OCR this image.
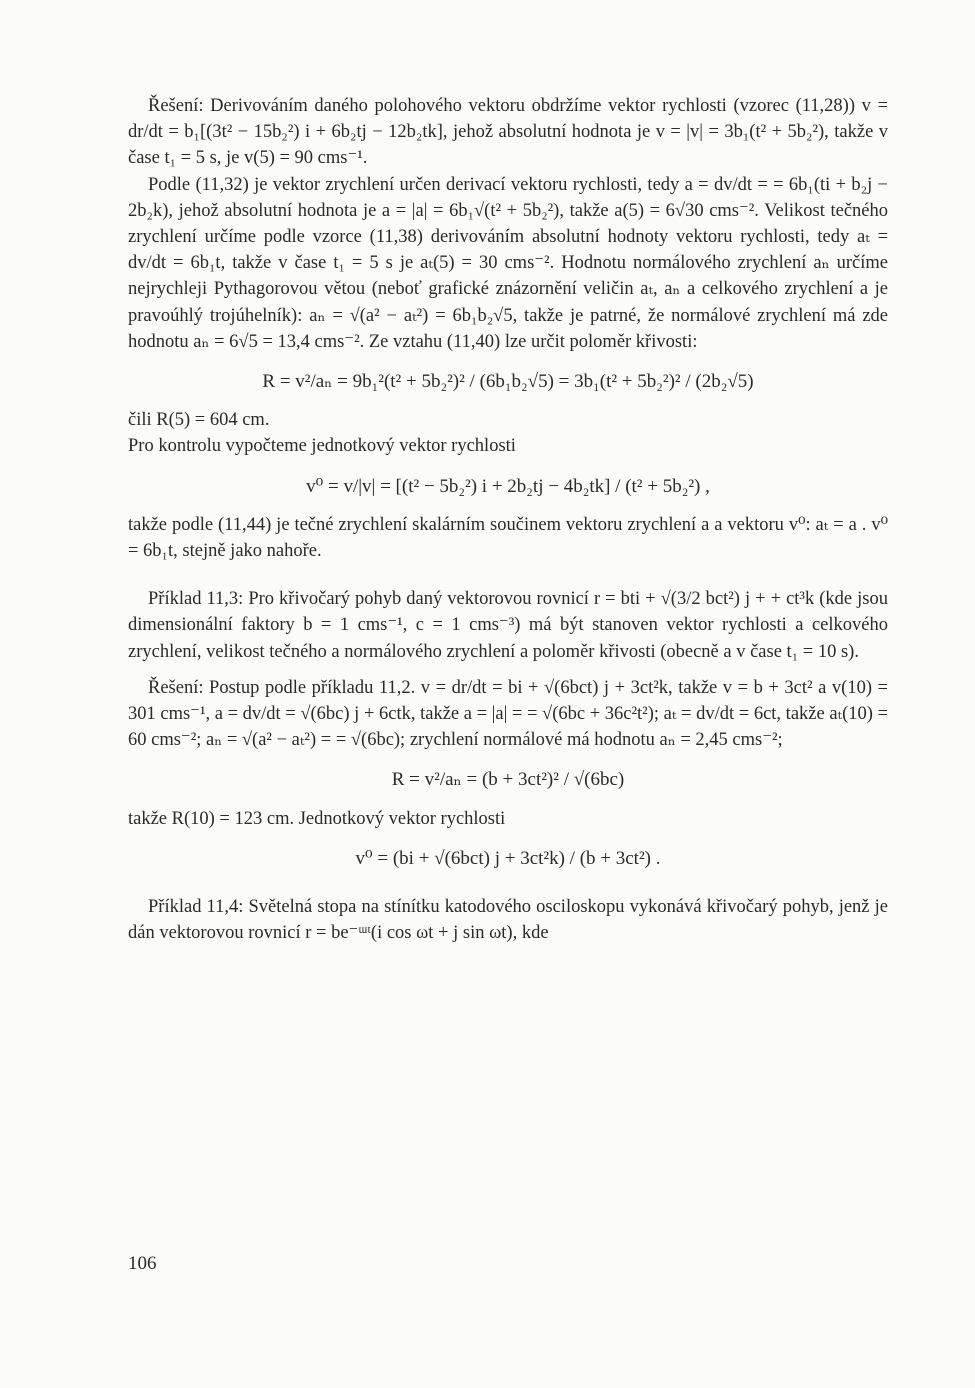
Řešení: Derivováním daného polohového vektoru obdržíme vektor rychlosti (vzorec (11,28)) v = dr/dt = b₁[(3t² − 15b₂²) i + 6b₂tj − 12b₂tk], jehož absolutní hodnota je v = |v| = 3b₁(t² + 5b₂²), takže v čase t₁ = 5 s, je v(5) = 90 cms⁻¹.

Podle (11,32) je vektor zrychlení určen derivací vektoru rychlosti, tedy a = dv/dt = = 6b₁(ti + b₂j − 2b₂k), jehož absolutní hodnota je a = |a| = 6b₁√(t² + 5b₂²), takže a(5) = 6√30 cms⁻². Velikost tečného zrychlení určíme podle vzorce (11,38) derivováním absolutní hodnoty vektoru rychlosti, tedy aₜ = dv/dt = 6b₁t, takže v čase t₁ = 5 s je aₜ(5) = 30 cms⁻². Hodnotu normálového zrychlení aₙ určíme nejrychleji Pythagorovou větou (neboť grafické znázornění veličin aₜ, aₙ a celkového zrychlení a je pravoúhlý trojúhelník): aₙ = √(a² − aₜ²) = 6b₁b₂√5, takže je patrné, že normálové zrychlení má zde hodnotu aₙ = 6√5 = 13,4 cms⁻². Ze vztahu (11,40) lze určit poloměr křivosti:

R = v²/aₙ = 9b₁²(t² + 5b₂²)² / (6b₁b₂√5) = 3b₁(t² + 5b₂²)² / (2b₂√5)

čili R(5) = 604 cm.

Pro kontrolu vypočteme jednotkový vektor rychlosti

v⁰ = v/|v| = [(t² − 5b₂²) i + 2b₂tj − 4b₂tk] / (t² + 5b₂²) ,

takže podle (11,44) je tečné zrychlení skalárním součinem vektoru zrychlení a a vektoru v⁰: aₜ = a . v⁰ = 6b₁t, stejně jako nahoře.

Příklad 11,3: Pro křivočarý pohyb daný vektorovou rovnicí r = bti + √(3/2 bct²) j + + ct³k (kde jsou dimensionální faktory b = 1 cms⁻¹, c = 1 cms⁻³) má být stanoven vektor rychlosti a celkového zrychlení, velikost tečného a normálového zrychlení a poloměr křivosti (obecně a v čase t₁ = 10 s).

Řešení: Postup podle příkladu 11,2. v = dr/dt = bi + √(6bct) j + 3ct²k, takže v = b + 3ct² a v(10) = 301 cms⁻¹, a = dv/dt = √(6bc) j + 6ctk, takže a = |a| = = √(6bc + 36c²t²); aₜ = dv/dt = 6ct, takže aₜ(10) = 60 cms⁻²; aₙ = √(a² − aₜ²) = = √(6bc); zrychlení normálové má hodnotu aₙ = 2,45 cms⁻²;

R = v²/aₙ = (b + 3ct²)² / √(6bc)

takže R(10) = 123 cm. Jednotkový vektor rychlosti

v⁰ = (bi + √(6bct) j + 3ct²k) / (b + 3ct²) .

Příklad 11,4: Světelná stopa na stínítku katodového osciloskopu vykonává křivočarý pohyb, jenž je dán vektorovou rovnicí r = be⁻ᵚᵗ(i cos ωt + j sin ωt), kde

106
